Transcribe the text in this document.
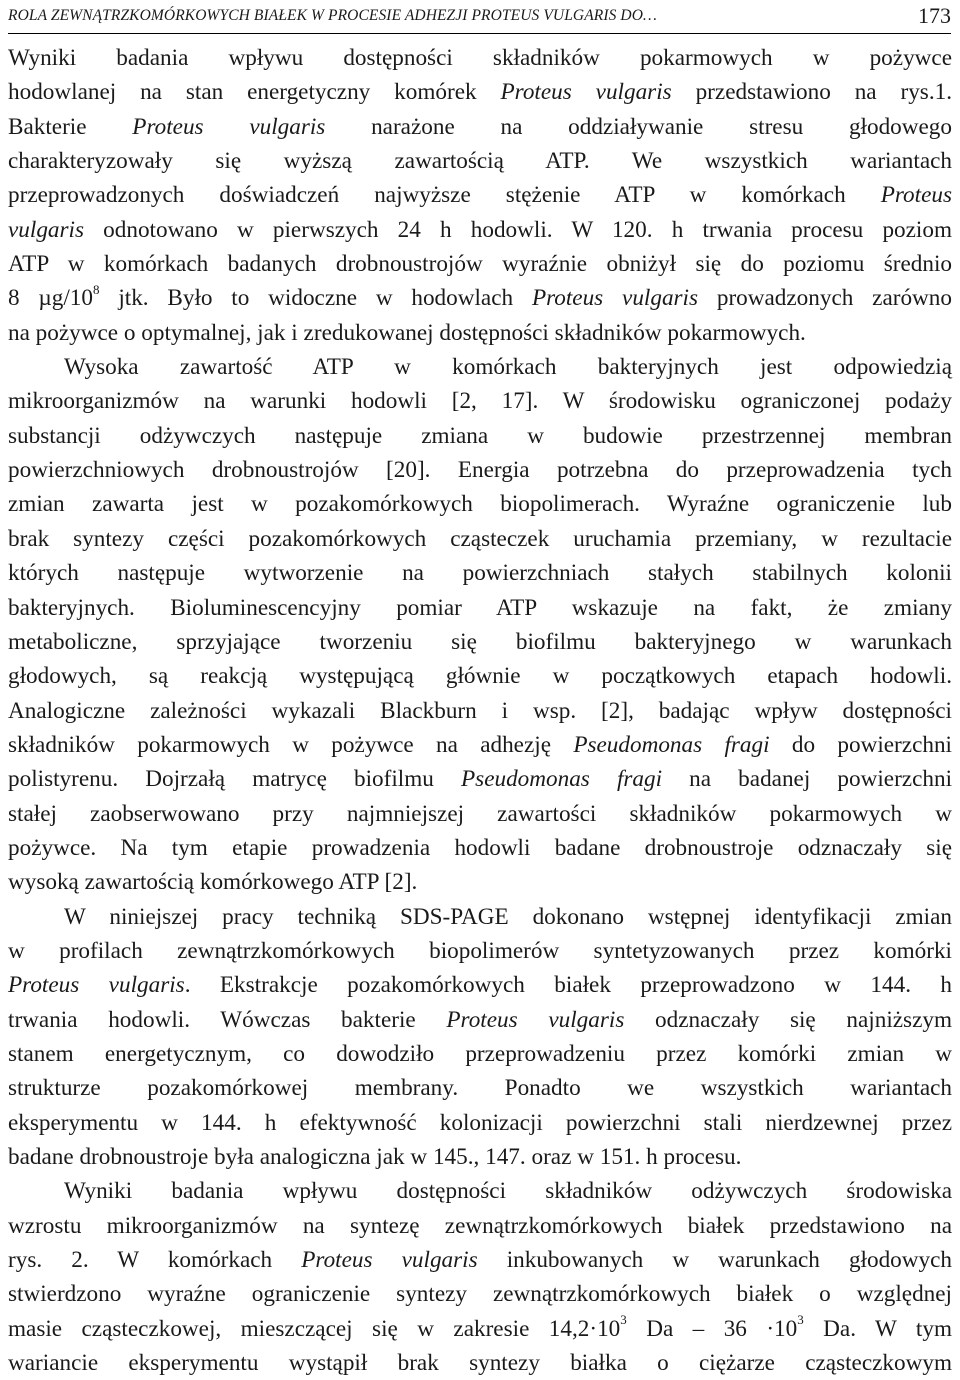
ROLA ZEWNĄTRZKOMÓRKOWYCH BIAŁEK W PROCESIE ADHEZJI PROTEUS VULGARIS DO…	173
Wyniki badania wpływu dostępności składników pokarmowych w pożywce
hodowlanej na stan energetyczny komórek Proteus vulgaris przedstawiono na rys.1.
Bakterie Proteus vulgaris narażone na oddziaływanie stresu głodowego
charakteryzowały się wyższą zawartością ATP. We wszystkich wariantach
przeprowadzonych doświadczeń najwyższe stężenie ATP w komórkach Proteus
vulgaris odnotowano w pierwszych 24 h hodowli. W 120. h trwania procesu poziom
ATP w komórkach badanych drobnoustrojów wyraźnie obniżył się do poziomu średnio
8 $\mu g/10^8$ jtk. Było to widoczne w hodowlach Proteus vulgaris prowadzonych zarówno
na pożywce o optymalnej, jak i zredukowanej dostępności składników pokarmowych.
Wysoka zawartość ATP w komórkach bakteryjnych jest odpowiedzią
mikroorganizmów na warunki hodowli [2, 17]. W środowisku ograniczonej podaży
substancji odżywczych następuje zmiana w budowie przestrzennej membran
powierzchniowych drobnoustrojów [20]. Energia potrzebna do przeprowadzenia tych
zmian zawarta jest w pozakomórkowych biopolimerach. Wyraźne ograniczenie lub
brak syntezy części pozakomórkowych cząsteczek uruchamia przemiany, w rezultacie
których następuje wytworzenie na powierzchniach stałych stabilnych kolonii
bakteryjnych. Bioluminescencyjny pomiar ATP wskazuje na fakt, że zmiany
metaboliczne, sprzyjające tworzeniu się biofilmu bakteryjnego w warunkach
głodowych, są reakcją występującą głównie w początkowych etapach hodowli.
Analogiczne zależności wykazali Blackburn i wsp. [2], badając wpływ dostępności
składników pokarmowych w pożywce na adhezję Pseudomonas fragi do powierzchni
polistyrenu. Dojrzałą matrycę biofilmu Pseudomonas fragi na badanej powierzchni
stałej zaobserwowano przy najmniejszej zawartości składników pokarmowych w
pożywce. Na tym etapie prowadzenia hodowli badane drobnoustroje odznaczały się
wysoką zawartością komórkowego ATP [2].
W niniejszej pracy techniką SDS-PAGE dokonano wstępnej identyfikacji zmian
w profilach zewnątrzkomórkowych biopolimerów syntetyzowanych przez komórki
Proteus vulgaris. Ekstrakcje pozakomórkowych białek przeprowadzono w 144. h
trwania hodowli. Wówczas bakterie Proteus vulgaris odznaczały się najniższym
stanem energetycznym, co dowodziło przeprowadzeniu przez komórki zmian w
strukturze pozakomórkowej membrany. Ponadto we wszystkich wariantach
eksperymentu w 144. h efektywność kolonizacji powierzchni stali nierdzewnej przez
badane drobnoustroje była analogiczna jak w 145., 147. oraz w 151. h procesu.
Wyniki badania wpływu dostępności składników odżywczych środowiska
wzrostu mikroorganizmów na syntezę zewnątrzkomórkowych białek przedstawiono na
rys. 2. W komórkach Proteus vulgaris inkubowanych w warunkach głodowych
stwierdzono wyraźne ograniczenie syntezy zewnątrzkomórkowych białek o względnej
masie cząsteczkowej, mieszczącej się w zakresie $14,2\cdot 10^3$ $Da - 36 \cdot 10^3$ Da. W tym
wariancie eksperymentu wystąpił brak syntezy białka o ciężarze cząsteczkowym
